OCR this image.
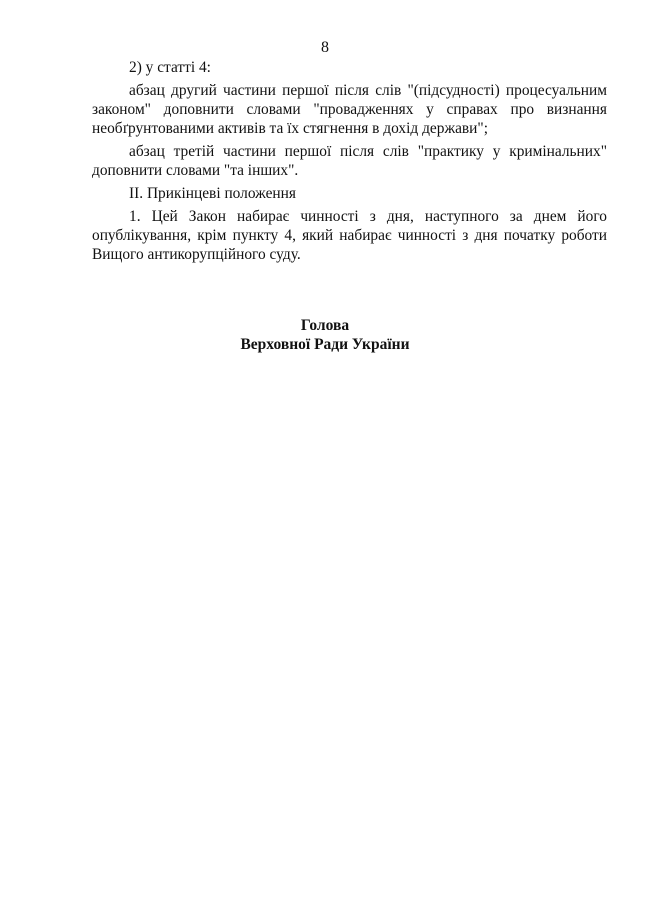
8

2) у статті 4:

абзац другий частини першої після слів "(підсудності) процесуальним законом" доповнити словами "провадженнях у справах про визнання необґрунтованими активів та їх стягнення в дохід держави";

абзац третій частини першої після слів "практику у кримінальних" доповнити словами "та інших".

ІІ. Прикінцеві положення

1. Цей Закон набирає чинності з дня, наступного за днем його опублікування, крім пункту 4, який набирає чинності з дня початку роботи Вищого антикорупційного суду.

Голова
Верховної Ради України
